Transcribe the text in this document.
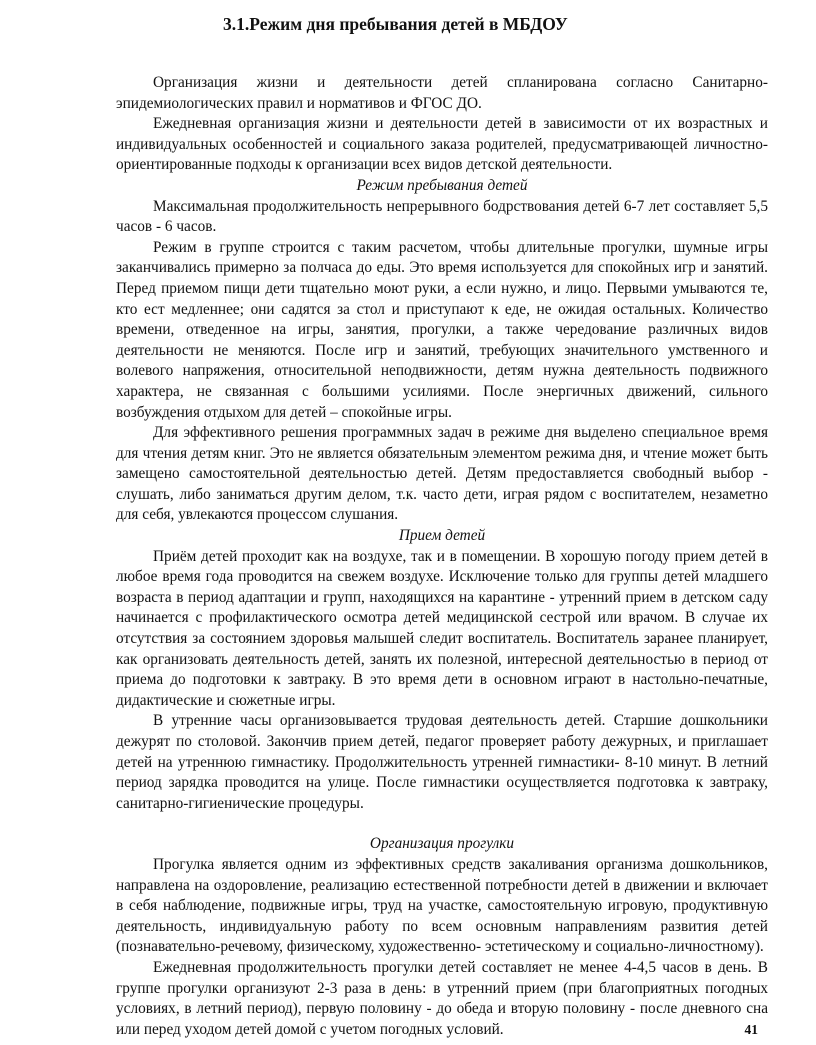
3.1.Режим дня пребывания детей в МБДОУ

Организация жизни и деятельности детей спланирована согласно Санитарно-эпидемиологических правил и нормативов и ФГОС ДО.

Ежедневная организация жизни и деятельности детей в зависимости от их возрастных и индивидуальных особенностей и социального заказа родителей, предусматривающей личностно-ориентированные подходы к организации всех видов детской деятельности.

Режим пребывания детей

Максимальная продолжительность непрерывного бодрствования детей 6-7 лет составляет 5,5 часов - 6 часов.

Режим в группе строится с таким расчетом, чтобы длительные прогулки, шумные игры заканчивались примерно за полчаса до еды. Это время используется для спокойных игр и занятий. Перед приемом пищи дети тщательно моют руки, а если нужно, и лицо. Первыми умываются те, кто ест медленнее; они садятся за стол и приступают к еде, не ожидая остальных. Количество времени, отведенное на игры, занятия, прогулки, а также чередование различных видов деятельности не меняются. После игр и занятий, требующих значительного умственного и волевого напряжения, относительной неподвижности, детям нужна деятельность подвижного характера, не связанная с большими усилиями. После энергичных движений, сильного возбуждения отдыхом для детей – спокойные игры.

Для эффективного решения программных задач в режиме дня выделено специальное время для чтения детям книг. Это не является обязательным элементом режима дня, и чтение может быть замещено самостоятельной деятельностью детей. Детям предоставляется свободный выбор - слушать, либо заниматься другим делом, т.к. часто дети, играя рядом с воспитателем, незаметно для себя, увлекаются процессом слушания.

Прием детей

Приём детей проходит как на воздухе, так и в помещении. В хорошую погоду прием детей в любое время года проводится на свежем воздухе. Исключение только для группы детей младшего возраста в период адаптации и групп, находящихся на карантине - утренний прием в детском саду начинается с профилактического осмотра детей медицинской сестрой или врачом. В случае их отсутствия за состоянием здоровья малышей следит воспитатель. Воспитатель заранее планирует, как организовать деятельность детей, занять их полезной, интересной деятельностью в период от приема до подготовки к завтраку. В это время дети в основном играют в настольно-печатные, дидактические и сюжетные игры.

В утренние часы организовывается трудовая деятельность детей. Старшие дошкольники дежурят по столовой. Закончив прием детей, педагог проверяет работу дежурных, и приглашает детей на утреннюю гимнастику. Продолжительность утренней гимнастики- 8-10 минут. В летний период зарядка проводится на улице. После гимнастики осуществляется подготовка к завтраку, санитарно-гигиенические процедуры.

Организация прогулки

Прогулка является одним из эффективных средств закаливания организма дошкольников, направлена на оздоровление, реализацию естественной потребности детей в движении и включает в себя наблюдение, подвижные игры, труд на участке, самостоятельную игровую, продуктивную деятельность, индивидуальную работу по всем основным направлениям развития детей (познавательно-речевому, физическому, художественно- эстетическому и социально-личностному).

Ежедневная продолжительность прогулки детей составляет не менее 4-4,5 часов в день. В группе прогулки организуют 2-3 раза в день: в утренний прием (при благоприятных погодных условиях, в летний период), первую половину - до обеда и вторую половину - после дневного сна или перед уходом детей домой с учетом погодных условий.	41
